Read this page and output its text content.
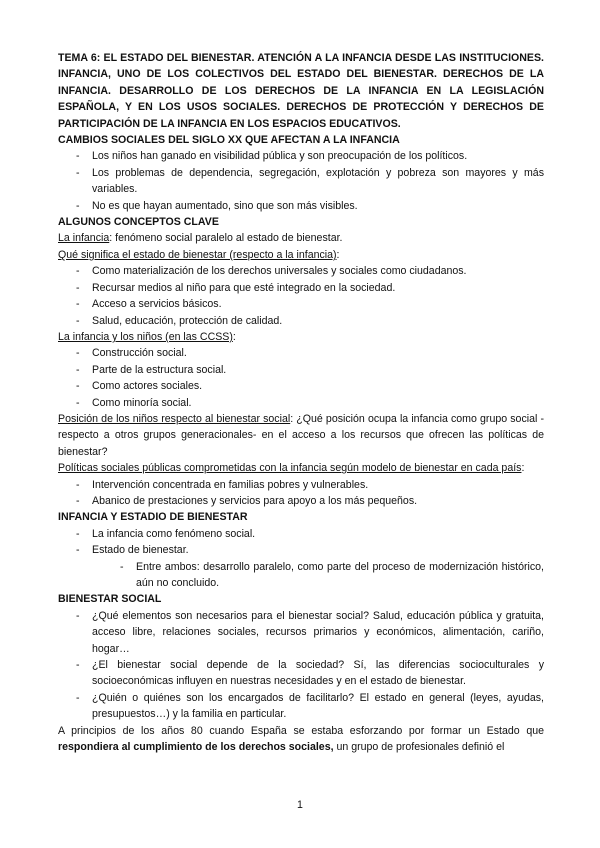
TEMA 6: EL ESTADO DEL BIENESTAR. ATENCIÓN A LA INFANCIA DESDE LAS INSTITUCIONES. INFANCIA, UNO DE LOS COLECTIVOS DEL ESTADO DEL BIENESTAR. DERECHOS DE LA INFANCIA. DESARROLLO DE LOS DERECHOS DE LA INFANCIA EN LA LEGISLACIÓN ESPAÑOLA, Y EN LOS USOS SOCIALES. DERECHOS DE PROTECCIÓN Y DERECHOS DE PARTICIPACIÓN DE LA INFANCIA EN LOS ESPACIOS EDUCATIVOS.

CAMBIOS SOCIALES DEL SIGLO XX QUE AFECTAN A LA INFANCIA

- Los niños han ganado en visibilidad pública y son preocupación de los políticos.
- Los problemas de dependencia, segregación, explotación y pobreza son mayores y más variables.
- No es que hayan aumentado, sino que son más visibles.

ALGUNOS CONCEPTOS CLAVE

La infancia: fenómeno social paralelo al estado de bienestar.

Qué significa el estado de bienestar (respecto a la infancia):

- Como materialización de los derechos universales y sociales como ciudadanos.
- Recursar medios al niño para que esté integrado en la sociedad.
- Acceso a servicios básicos.
- Salud, educación, protección de calidad.

La infancia y los niños (en las CCSS):

- Construcción social.
- Parte de la estructura social.
- Como actores sociales.
- Como minoría social.

Posición de los niños respecto al bienestar social: ¿Qué posición ocupa la infancia como grupo social -respecto a otros grupos generacionales- en el acceso a los recursos que ofrecen las políticas de bienestar?

Políticas sociales públicas comprometidas con la infancia según modelo de bienestar en cada país:

- Intervención concentrada en familias pobres y vulnerables.
- Abanico de prestaciones y servicios para apoyo a los más pequeños.

INFANCIA Y ESTADIO DE BIENESTAR

- La infancia como fenómeno social.
- Estado de bienestar.
- Entre ambos: desarrollo paralelo, como parte del proceso de modernización histórico, aún no concluido.

BIENESTAR SOCIAL

- ¿Qué elementos son necesarios para el bienestar social? Salud, educación pública y gratuita, acceso libre, relaciones sociales, recursos primarios y económicos, alimentación, cariño, hogar…
- ¿El bienestar social depende de la sociedad? Sí, las diferencias socioculturales y socioeconómicas influyen en nuestras necesidades y en el estado de bienestar.
- ¿Quién o quiénes son los encargados de facilitarlo? El estado en general (leyes, ayudas, presupuestos…) y la familia en particular.

A principios de los años 80 cuando España se estaba esforzando por formar un Estado que respondiera al cumplimiento de los derechos sociales, un grupo de profesionales definió el

1
